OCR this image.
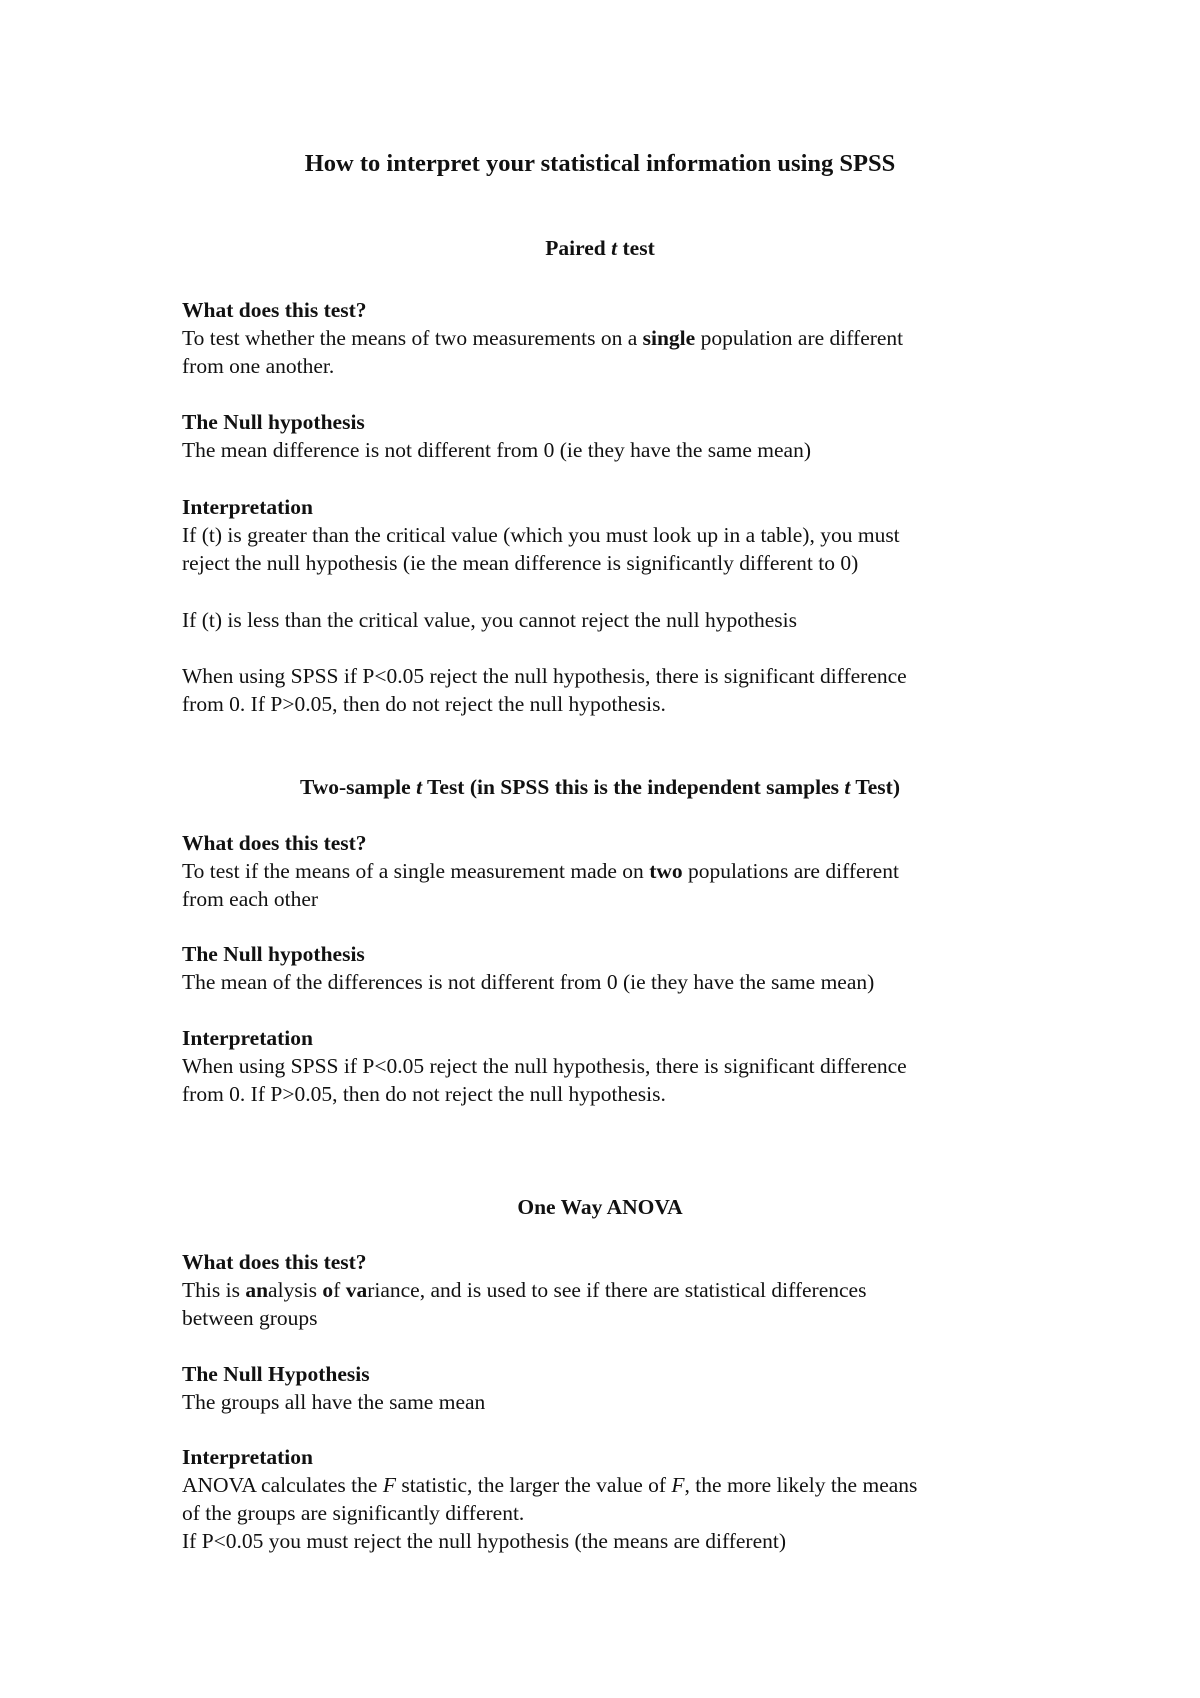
How to interpret your statistical information using SPSS
Paired t test
What does this test?
To test whether the means of two measurements on a single population are different
from one another.
The Null hypothesis
The mean difference is not different from 0 (ie they have the same mean)
Interpretation
If (t) is greater than the critical value (which you must look up in a table), you must
reject the null hypothesis (ie the mean difference is significantly different to 0)
If (t) is less than the critical value, you cannot reject the null hypothesis
When using SPSS if P<0.05 reject the null hypothesis, there is significant difference
from 0. If P>0.05, then do not reject the null hypothesis.
Two-sample t Test (in SPSS this is the independent samples t Test)
What does this test?
To test if the means of a single measurement made on two populations are different
from each other
The Null hypothesis
The mean of the differences is not different from 0 (ie they have the same mean)
Interpretation
When using SPSS if P<0.05 reject the null hypothesis, there is significant difference
from 0. If P>0.05, then do not reject the null hypothesis.
One Way ANOVA
What does this test?
This is analysis of variance, and is used to see if there are statistical differences
between groups
The Null Hypothesis
The groups all have the same mean
Interpretation
ANOVA calculates the F statistic, the larger the value of F, the more likely the means
of the groups are significantly different.
If P<0.05 you must reject the null hypothesis (the means are different)
